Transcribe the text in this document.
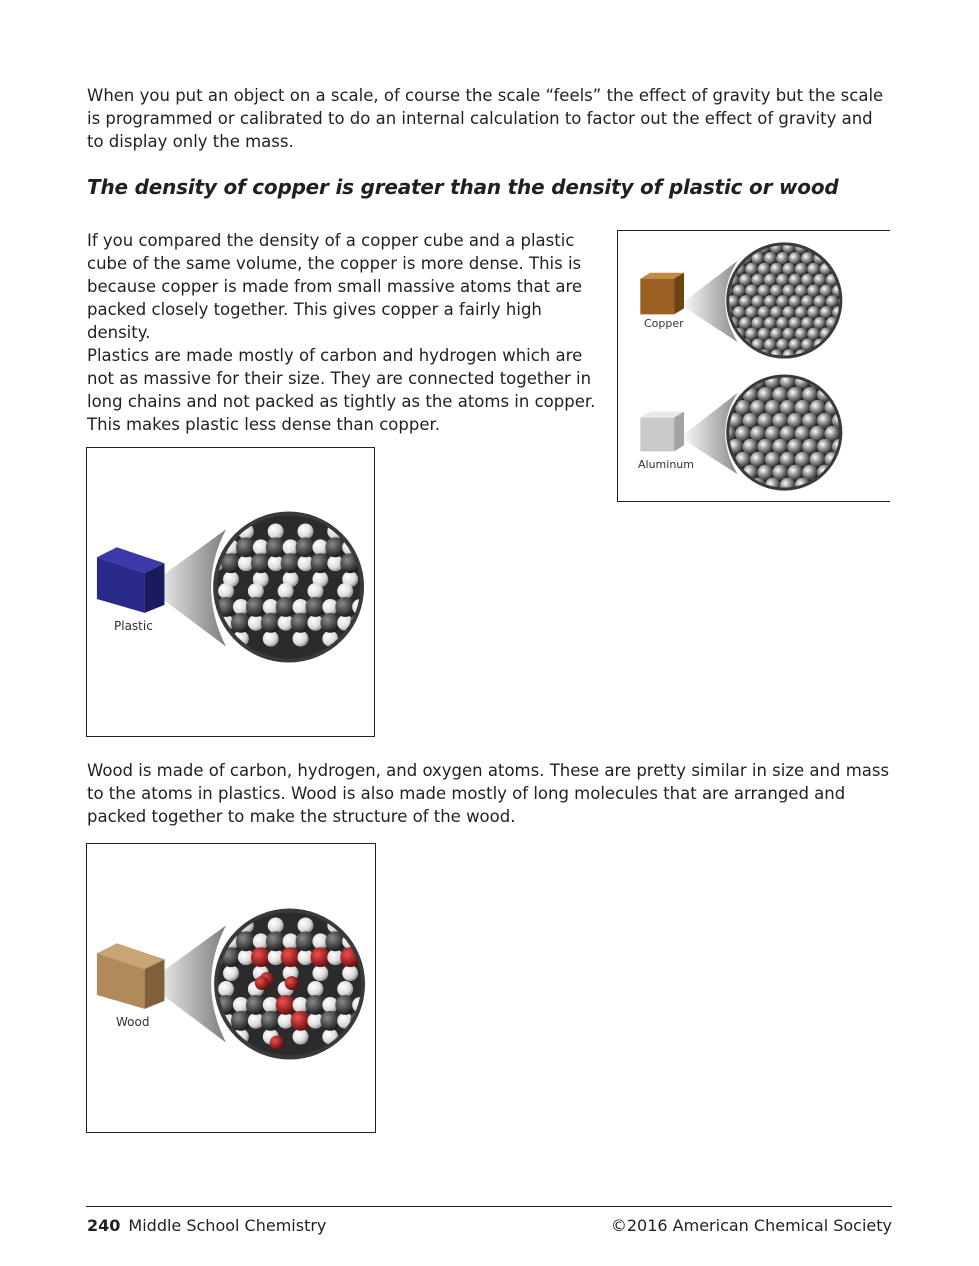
When you put an object on a scale, of course the scale “feels” the effect of gravity but the scale is programmed or calibrated to do an internal calculation to factor out the effect of gravity and to display only the mass.

The density of copper is greater than the density of plastic or wood

If you compared the density of a copper cube and a plastic cube of the same volume, the copper is more dense. This is because copper is made from small massive atoms that are packed closely together. This gives copper a fairly high density.

Plastics are made mostly of carbon and hydrogen which are not as massive for their size. They are connected together in long chains and not packed as tightly as the atoms in copper. This makes plastic less dense than copper.

Copper
Aluminum
Plastic

Wood is made of carbon, hydrogen, and oxygen atoms. These are pretty similar in size and mass to the atoms in plastics. Wood is also made mostly of long molecules that are arranged and packed together to make the structure of the wood.

Wood
240 Middle School Chemistry	©2016 American Chemical Society
